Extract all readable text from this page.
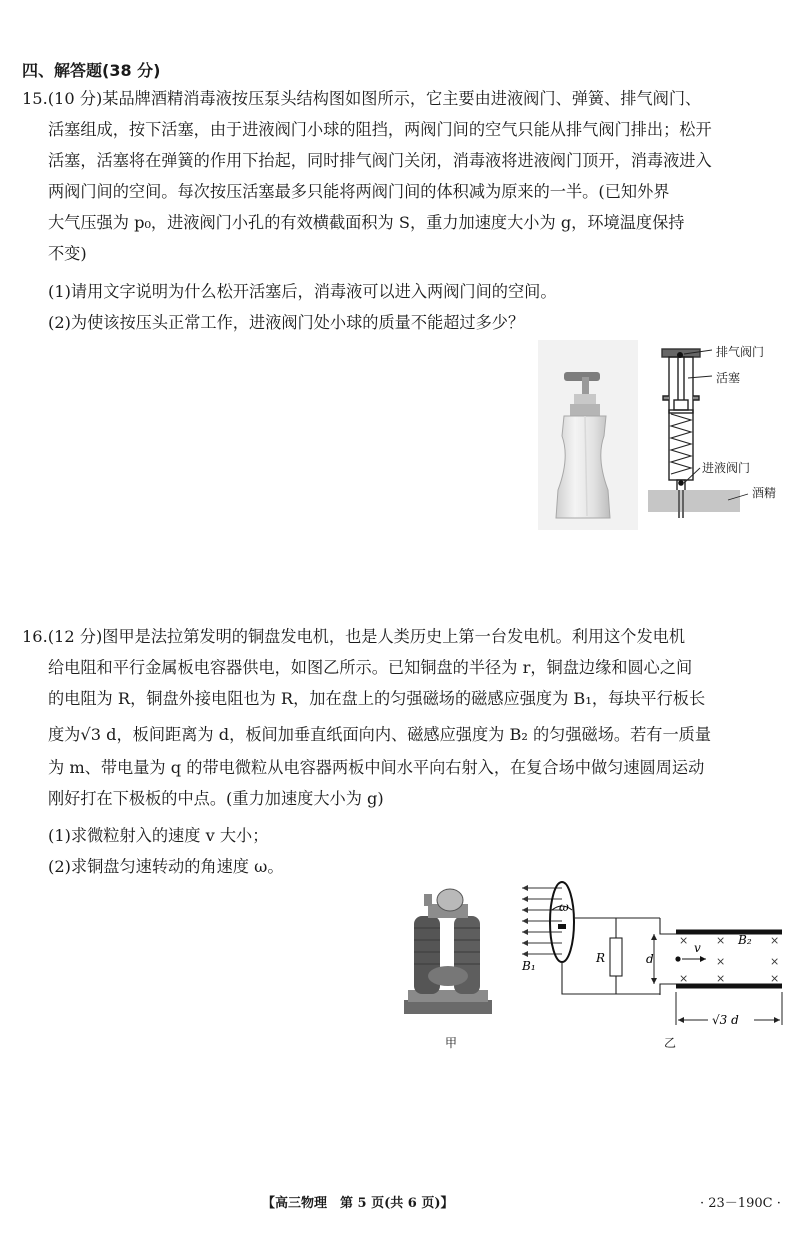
四、解答题(38 分)
15.(10 分)某品牌酒精消毒液按压泵头结构图如图所示，它主要由进液阀门、弹簧、排气阀门、
活塞组成，按下活塞，由于进液阀门小球的阻挡，两阀门间的空气只能从排气阀门排出；松开
活塞，活塞将在弹簧的作用下抬起，同时排气阀门关闭，消毒液将进液阀门顶开，消毒液进入
两阀门间的空间。每次按压活塞最多只能将两阀门间的体积减为原来的一半。(已知外界
大气压强为 p₀，进液阀门小孔的有效横截面积为 S，重力加速度大小为 g，环境温度保持
不变)
(1)请用文字说明为什么松开活塞后，消毒液可以进入两阀门间的空间。
(2)为使该按压头正常工作，进液阀门处小球的质量不能超过多少？
排气阀门
活塞
进液阀门
酒精
16.(12 分)图甲是法拉第发明的铜盘发电机，也是人类历史上第一台发电机。利用这个发电机
给电阻和平行金属板电容器供电，如图乙所示。已知铜盘的半径为 r，铜盘边缘和圆心之间
的电阻为 R，铜盘外接电阻也为 R，加在盘上的匀强磁场的磁感应强度为 B₁，每块平行板长
度为√3 d，板间距离为 d，板间加垂直纸面向内、磁感应强度为 B₂ 的匀强磁场。若有一质量
为 m、带电量为 q 的带电微粒从电容器两板中间水平向右射入，在复合场中做匀速圆周运动
刚好打在下极板的中点。(重力加速度大小为 g)
(1)求微粒射入的速度 v 大小；
(2)求铜盘匀速转动的角速度 ω。
甲
ω
B₁
R	d
×	×	×
×	×
×	×	×
v
B₂
√3 d
乙
【高三物理　第 5 页(共 6 页)】	· 23－190C ·
